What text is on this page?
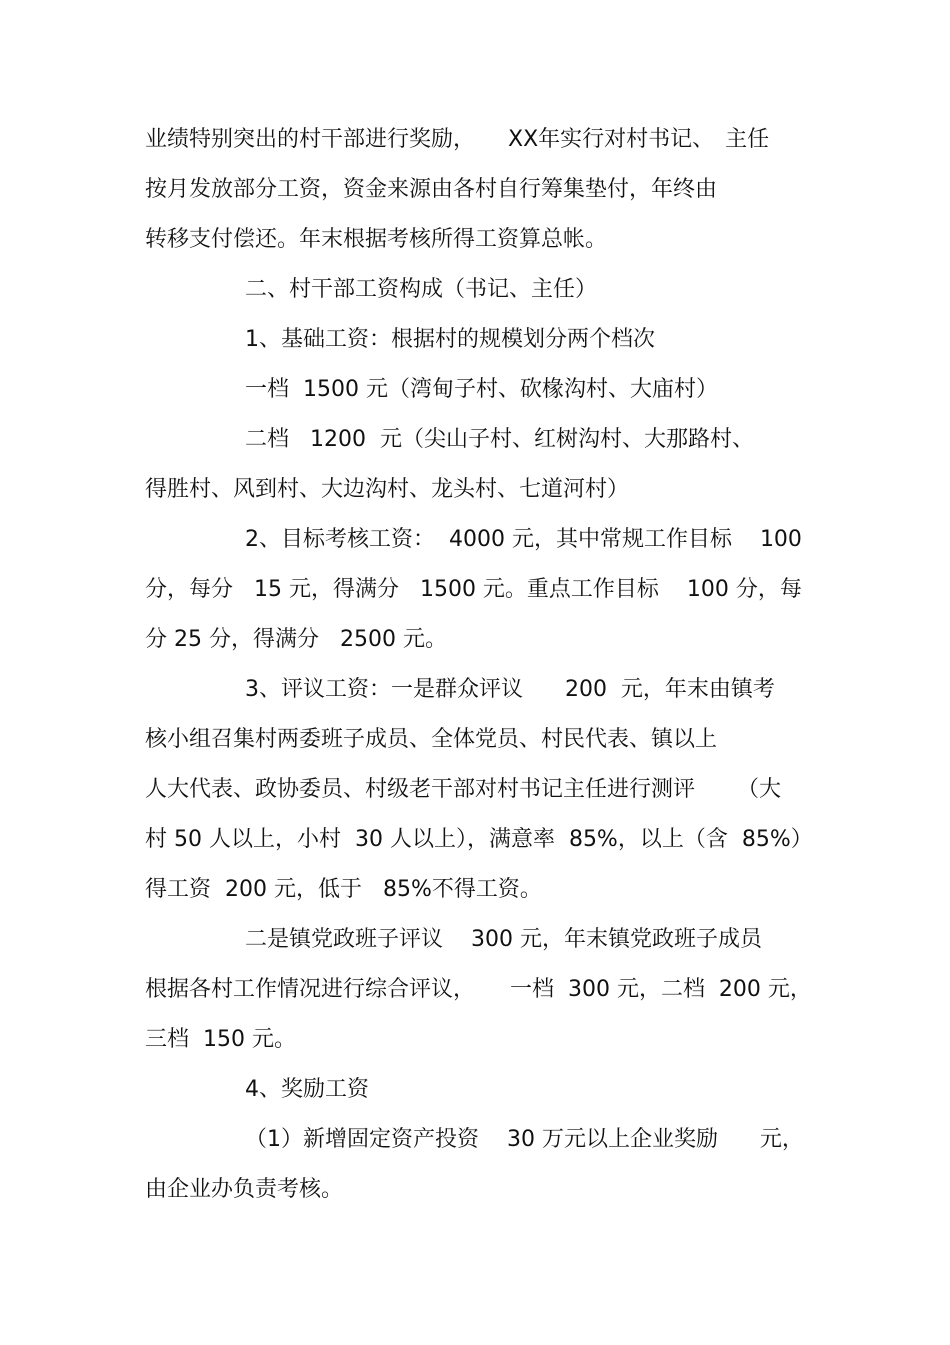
业绩特别突出的村干部进行奖励，　　XX年实行对村书记、　主任

按月发放部分工资，资金来源由各村自行筹集垫付，年终由

转移支付偿还。年末根据考核所得工资算总帐。

二、村干部工资构成（书记、主任）

1、基础工资：根据村的规模划分两个档次

一档  1500 元（湾甸子村、砍椽沟村、大庙村）

二档   1200  元（尖山子村、红树沟村、大那路村、

得胜村、风到村、大边沟村、龙头村、七道河村）

2、目标考核工资：  4000 元，其中常规工作目标    100

分，每分   15 元，得满分   1500 元。重点工作目标    100 分，每

分 25 分，得满分   2500 元。

3、评议工资：一是群众评议      200  元，年末由镇考

核小组召集村两委班子成员、全体党员、村民代表、镇以上

人大代表、政协委员、村级老干部对村书记主任进行测评      （大

村 50 人以上，小村  30 人以上），满意率  85%，以上（含  85%）

得工资  200 元，低于   85%不得工资。

二是镇党政班子评议    300 元，年末镇党政班子成员

根据各村工作情况进行综合评议，     一档  300 元，二档  200 元，

三档  150 元。

4、奖励工资

（1）新增固定资产投资    30 万元以上企业奖励      元，

由企业办负责考核。
